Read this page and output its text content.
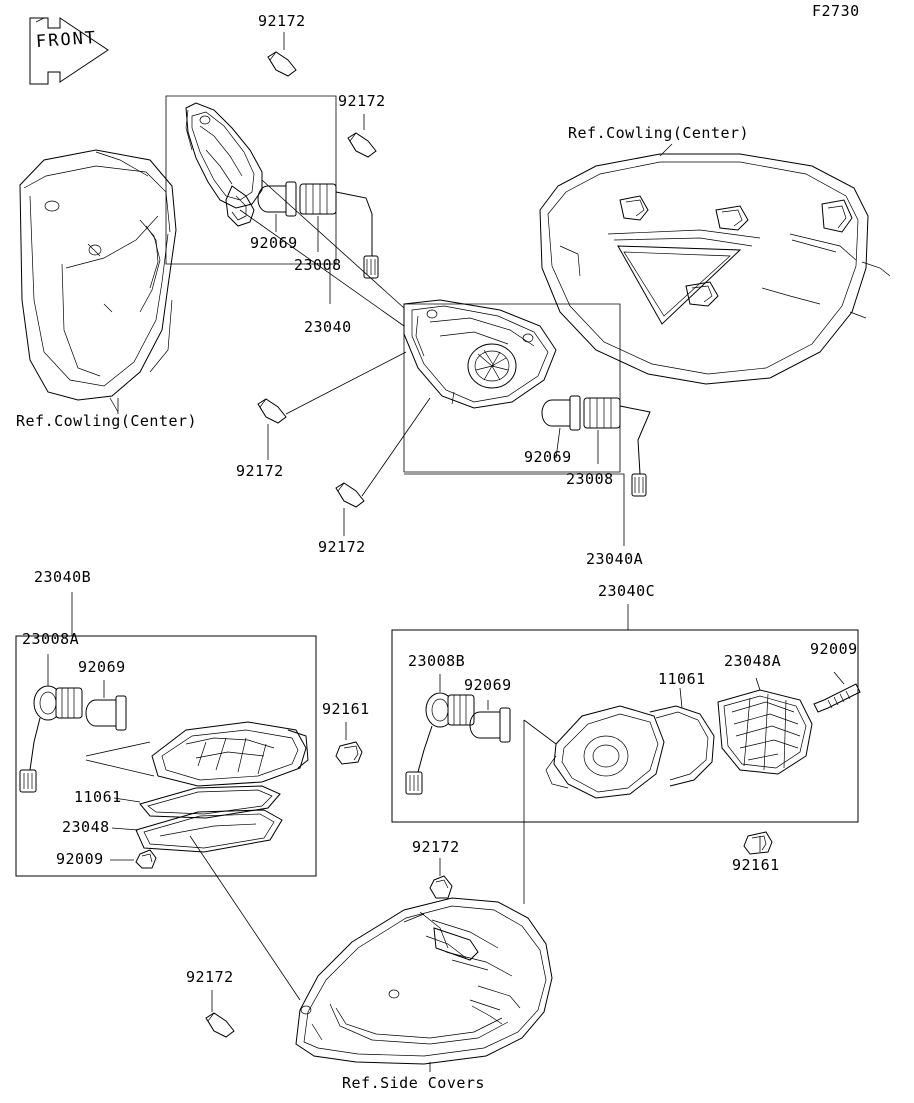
F2730
FRONT
92172
92172
92069
23008
23040
Ref.Cowling(Center)
Ref.Cowling(Center)
92172
92172
92069
23008
23040A
23040C
23040B
23008A
92069
92161
11061
23048
92009
23008B
92069	11061
23048A
92009
92161
92172
92172
Ref.Side Covers
